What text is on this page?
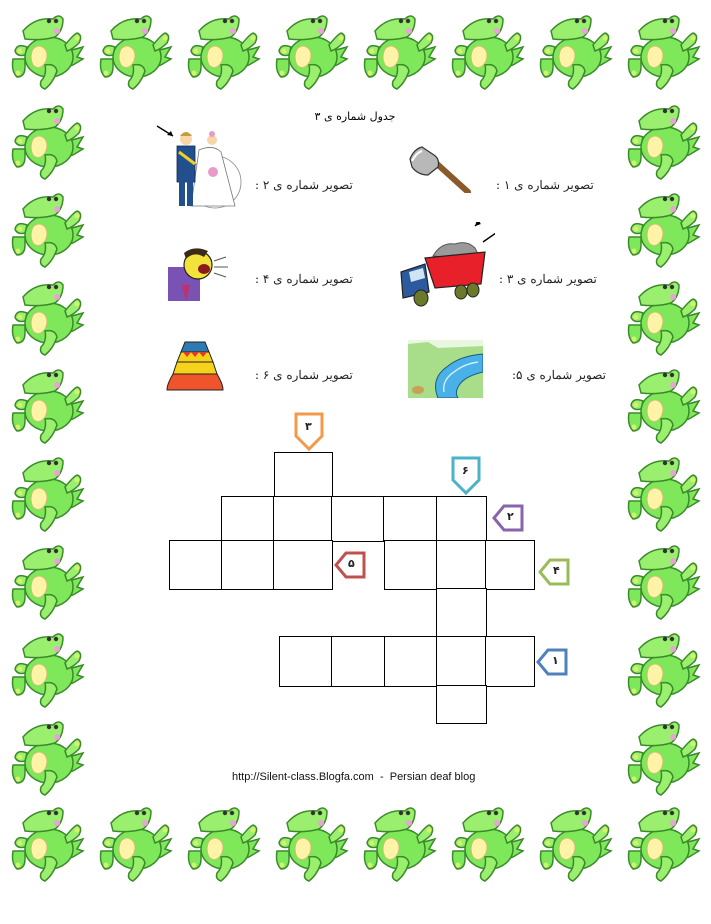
جدول شماره ی ۳
تصویر شماره ی ۲ :	تصویر شماره ی ۱ :
تصویر شماره ی ۴ :	تصویر شماره ی ۳ :
تصویر شماره ی ۶ :	تصویر شماره ی ۵:
۳
۶
۲
۵
۴
۱
http://Silent-class.Blogfa.com  -  Persian deaf blog
